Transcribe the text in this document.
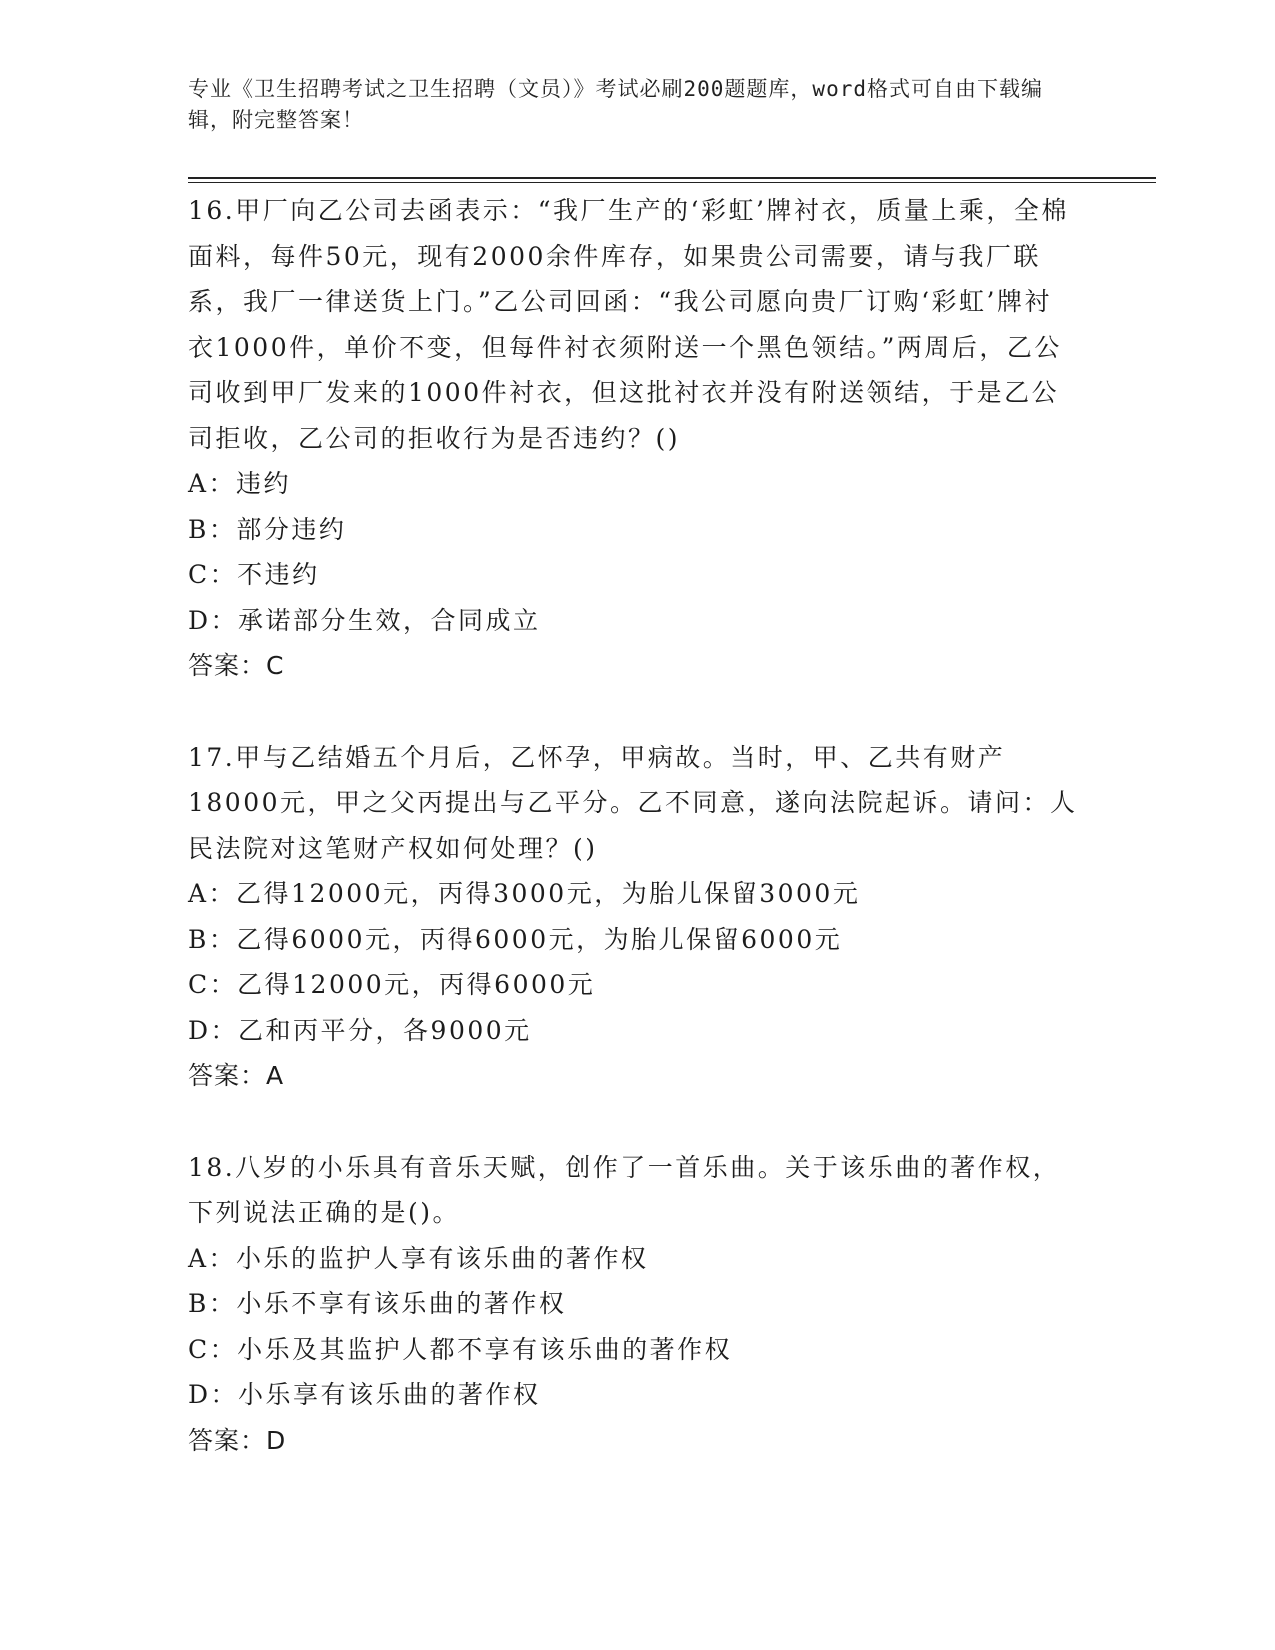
专业《卫生招聘考试之卫生招聘（文员）》考试必刷200题题库，word格式可自由下载编辑，附完整答案！

16.甲厂向乙公司去函表示：“我厂生产的‘彩虹’牌衬衣，质量上乘，全棉面料，每件50元，现有2000余件库存，如果贵公司需要，请与我厂联系，我厂一律送货上门。”乙公司回函：“我公司愿向贵厂订购‘彩虹’牌衬衣1000件，单价不变，但每件衬衣须附送一个黑色领结。”两周后，乙公司收到甲厂发来的1000件衬衣，但这批衬衣并没有附送领结，于是乙公司拒收，乙公司的拒收行为是否违约？()

A：违约

B：部分违约

C：不违约

D：承诺部分生效，合同成立

答案：C

17.甲与乙结婚五个月后，乙怀孕，甲病故。当时，甲、乙共有财产18000元，甲之父丙提出与乙平分。乙不同意，遂向法院起诉。请问：人民法院对这笔财产权如何处理？()

A：乙得12000元，丙得3000元，为胎儿保留3000元

B：乙得6000元，丙得6000元，为胎儿保留6000元

C：乙得12000元，丙得6000元

D：乙和丙平分，各9000元

答案：A

18.八岁的小乐具有音乐天赋，创作了一首乐曲。关于该乐曲的著作权，下列说法正确的是()。

A：小乐的监护人享有该乐曲的著作权

B：小乐不享有该乐曲的著作权

C：小乐及其监护人都不享有该乐曲的著作权

D：小乐享有该乐曲的著作权

答案：D
